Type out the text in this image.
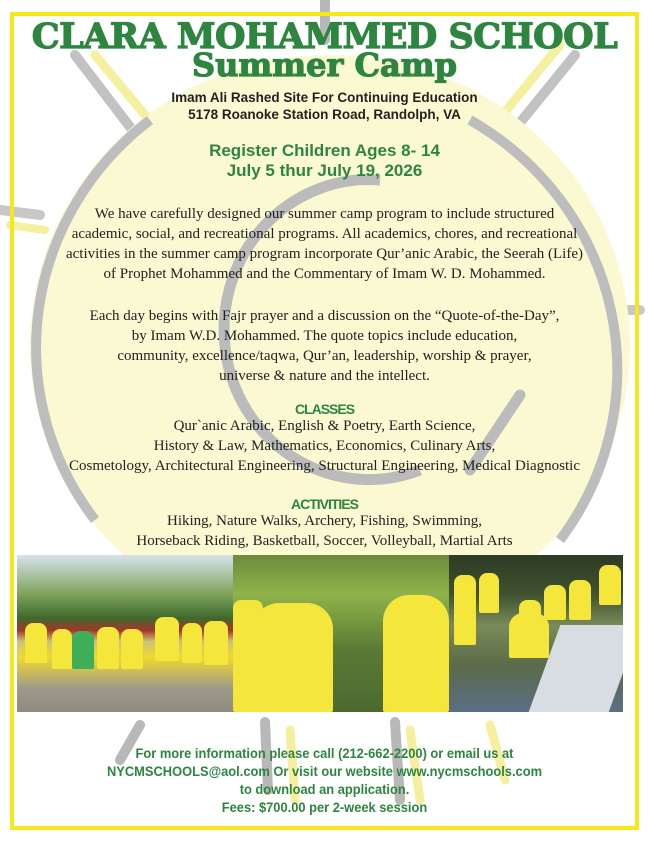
CLARA MOHAMMED SCHOOL
Summer Camp
Imam Ali Rashed Site For Continuing Education
5178 Roanoke Station Road, Randolph, VA
Register Children Ages 8- 14
July 5 thur July 19, 2026
We have carefully designed our summer camp program to include structured
academic, social, and recreational programs. All academics, chores, and recreational
activities in the summer camp program incorporate Qur’anic Arabic, the Seerah (Life)
of Prophet Mohammed and the Commentary of Imam W. D. Mohammed.
Each day begins with Fajr prayer and a discussion on the “Quote-of-the-Day”,
by Imam W.D. Mohammed. The quote topics include education,
community, excellence/taqwa, Qur’an, leadership, worship & prayer,
universe & nature and the intellect.
CLASSES
Qur`anic Arabic, English & Poetry, Earth Science,
History & Law, Mathematics, Economics, Culinary Arts,
Cosmetology, Architectural Engineering, Structural Engineering, Medical Diagnostic
ACTIVITIES
Hiking, Nature Walks, Archery, Fishing, Swimming,
Horseback Riding, Basketball, Soccer, Volleyball, Martial Arts
For more information please call (212-662-2200) or email us at
NYCMSCHOOLS@aol.com Or visit our website www.nycmschools.com
to download an application.
Fees: $700.00 per 2-week session
